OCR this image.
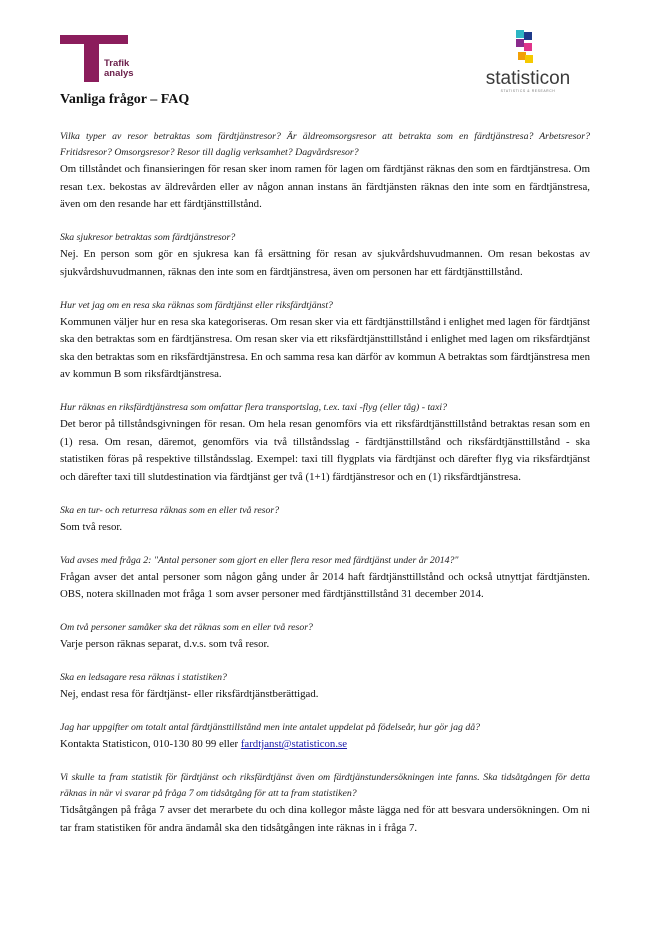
Trafik
analys	statisticon
STATISTICS & RESEARCH
Vanliga frågor – FAQ
Vilka typer av resor betraktas som färdtjänstresor? Är äldreomsorgsresor att betrakta som en färdtjänstresa? Arbetsresor? Fritidsresor? Omsorgsresor? Resor till daglig verksamhet? Dagvårdsresor?
Om tillståndet och finansieringen för resan sker inom ramen för lagen om färdtjänst räknas den som en färdtjänstresa. Om resan t.ex. bekostas av äldrevården eller av någon annan instans än färdtjänsten räknas den inte som en färdtjänstresa, även om den resande har ett färdtjänsttillstånd.
Ska sjukresor betraktas som färdtjänstresor?
Nej. En person som gör en sjukresa kan få ersättning för resan av sjukvårdshuvudmannen. Om resan bekostas av sjukvårdshuvudmannen, räknas den inte som en färdtjänstresa, även om personen har ett färdtjänsttillstånd.
Hur vet jag om en resa ska räknas som färdtjänst eller riksfärdtjänst?
Kommunen väljer hur en resa ska kategoriseras. Om resan sker via ett färdtjänsttillstånd i enlighet med lagen för färdtjänst ska den betraktas som en färdtjänstresa. Om resan sker via ett riksfärdtjänsttillstånd i enlighet med lagen om riksfärdtjänst ska den betraktas som en riksfärdtjänstresa. En och samma resa kan därför av kommun A betraktas som färdtjänstresa men av kommun B som riksfärdtjänstresa.
Hur räknas en riksfärdtjänstresa som omfattar flera transportslag, t.ex. taxi -flyg (eller tåg) - taxi?
Det beror på tillståndsgivningen för resan. Om hela resan genomförs via ett riksfärdtjänsttillstånd betraktas resan som en (1) resa. Om resan, däremot, genomförs via två tillståndsslag - färdtjänsttillstånd och riksfärdtjänsttillstånd - ska statistiken föras på respektive tillståndsslag. Exempel: taxi till flygplats via färdtjänst och därefter flyg via riksfärdtjänst och därefter taxi till slutdestination via färdtjänst ger två (1+1) färdtjänstresor och en (1) riksfärdtjänstresa.
Ska en tur- och returresa räknas som en eller två resor?
Som två resor.
Vad avses med fråga 2: "Antal personer som gjort en eller flera resor med färdtjänst under år 2014?"
Frågan avser det antal personer som någon gång under år 2014 haft färdtjänsttillstånd och också utnyttjat färdtjänsten. OBS, notera skillnaden mot fråga 1 som avser personer med färdtjänsttillstånd 31 december 2014.
Om två personer samåker ska det räknas som en eller två resor?
Varje person räknas separat, d.v.s. som två resor.
Ska en ledsagare resa räknas i statistiken?
Nej, endast resa för färdtjänst- eller riksfärdtjänstberättigad.
Jag har uppgifter om totalt antal färdtjänsttillstånd men inte antalet uppdelat på födelseår, hur gör jag då?
Kontakta Statisticon, 010-130 80 99 eller fardtjanst@statisticon.se
Vi skulle ta fram statistik för färdtjänst och riksfärdtjänst även om färdtjänstundersökningen inte fanns. Ska tidsåtgången för detta räknas in när vi svarar på fråga 7 om tidsåtgång för att ta fram statistiken?
Tidsåtgången på fråga 7 avser det merarbete du och dina kollegor måste lägga ned för att besvara undersökningen. Om ni tar fram statistiken för andra ändamål ska den tidsåtgången inte räknas in i fråga 7.
